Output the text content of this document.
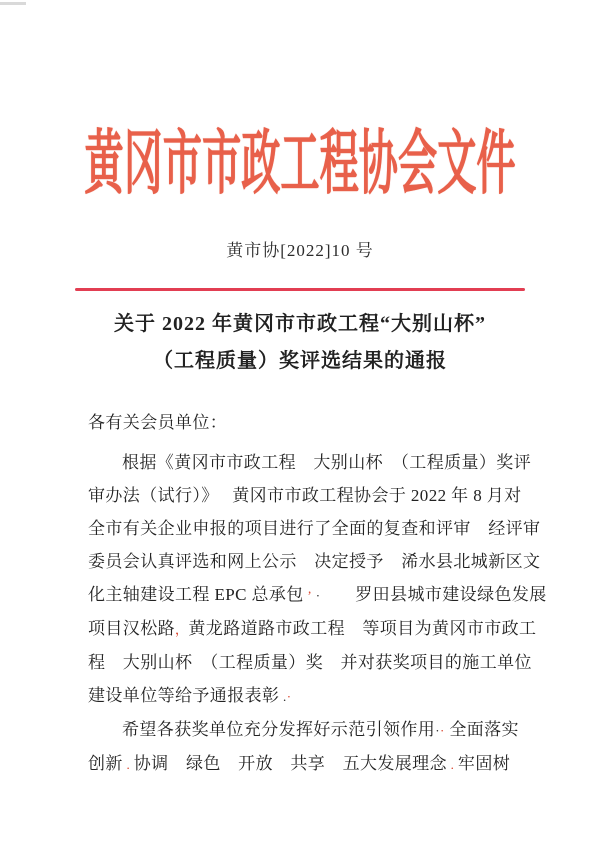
黄冈市市政工程协会文件
黄市协[2022]10 号
关于 2022 年黄冈市市政工程“大别山杯”
（工程质量）奖评选结果的通报
各有关会员单位：
根据《黄冈市市政工程　大别山杯　（工程质量）奖评
审办法（试行）》　 黄冈市市政工程协会于 2022 年 8 月对
全市有关企业申报的项目进行了全面的复查和评审　经评审
委员会认真评选和网上公示　决定授予　浠水县北城新区文
化主轴建设工程 EPC 总承包 ʼ ·　　罗田县城市建设绿色发展
项目汉松路，黄龙路道路市政工程　等项目为黄冈市市政工
程　大别山杯　（工程质量）奖　并对获奖项目的施工单位
建设单位等给予通报表彰 .·
希望各获奖单位充分发挥好示范引领作用·· 全面落实
创新 . 协调　绿色　开放　共享　五大发展理念 . 牢固树
